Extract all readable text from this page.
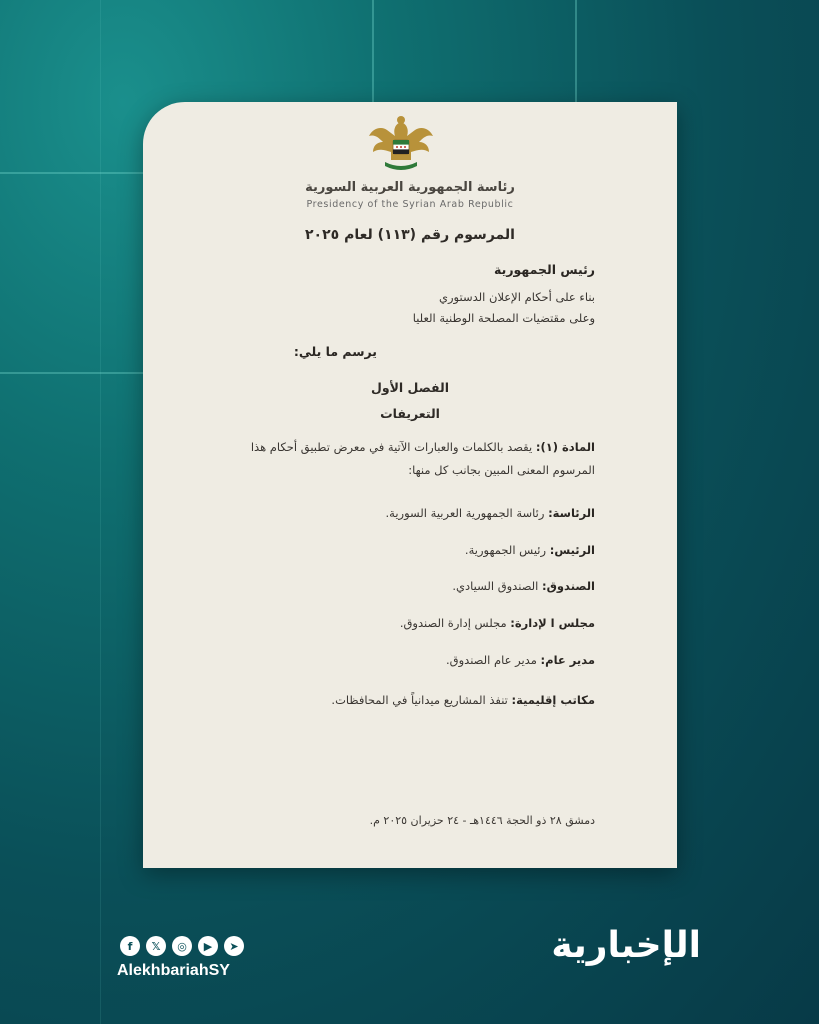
رئاسة الجمهورية العربية السورية
Presidency of the Syrian Arab Republic
المرسوم رقم (١١٣) لعام ٢٠٢٥
رئيس الجمهورية
بناء على أحكام الإعلان الدستوري
وعلى مقتضيات المصلحة الوطنية العليا
يرسم ما يلي:
الفصل الأول
التعريفات
المادة (١): يقصد بالكلمات والعبارات الآتية في معرض تطبيق أحكام هذا المرسوم المعنى المبين بجانب كل منها:
الرئاسة: رئاسة الجمهورية العربية السورية.
الرئيس: رئيس الجمهورية.
الصندوق: الصندوق السيادي.
مجلس ا لإدارة: مجلس إدارة الصندوق.
مدير عام: مدير عام الصندوق.
مكاتب إقليمية: تنفذ المشاريع ميدانياً في المحافظات.
دمشق ٢٨ ذو الحجة ١٤٤٦هـ - ٢٤ حزيران ٢٠٢٥ م.
f	𝕏	◎	▶	➤
AlekhbariahSY
الإخبارية
